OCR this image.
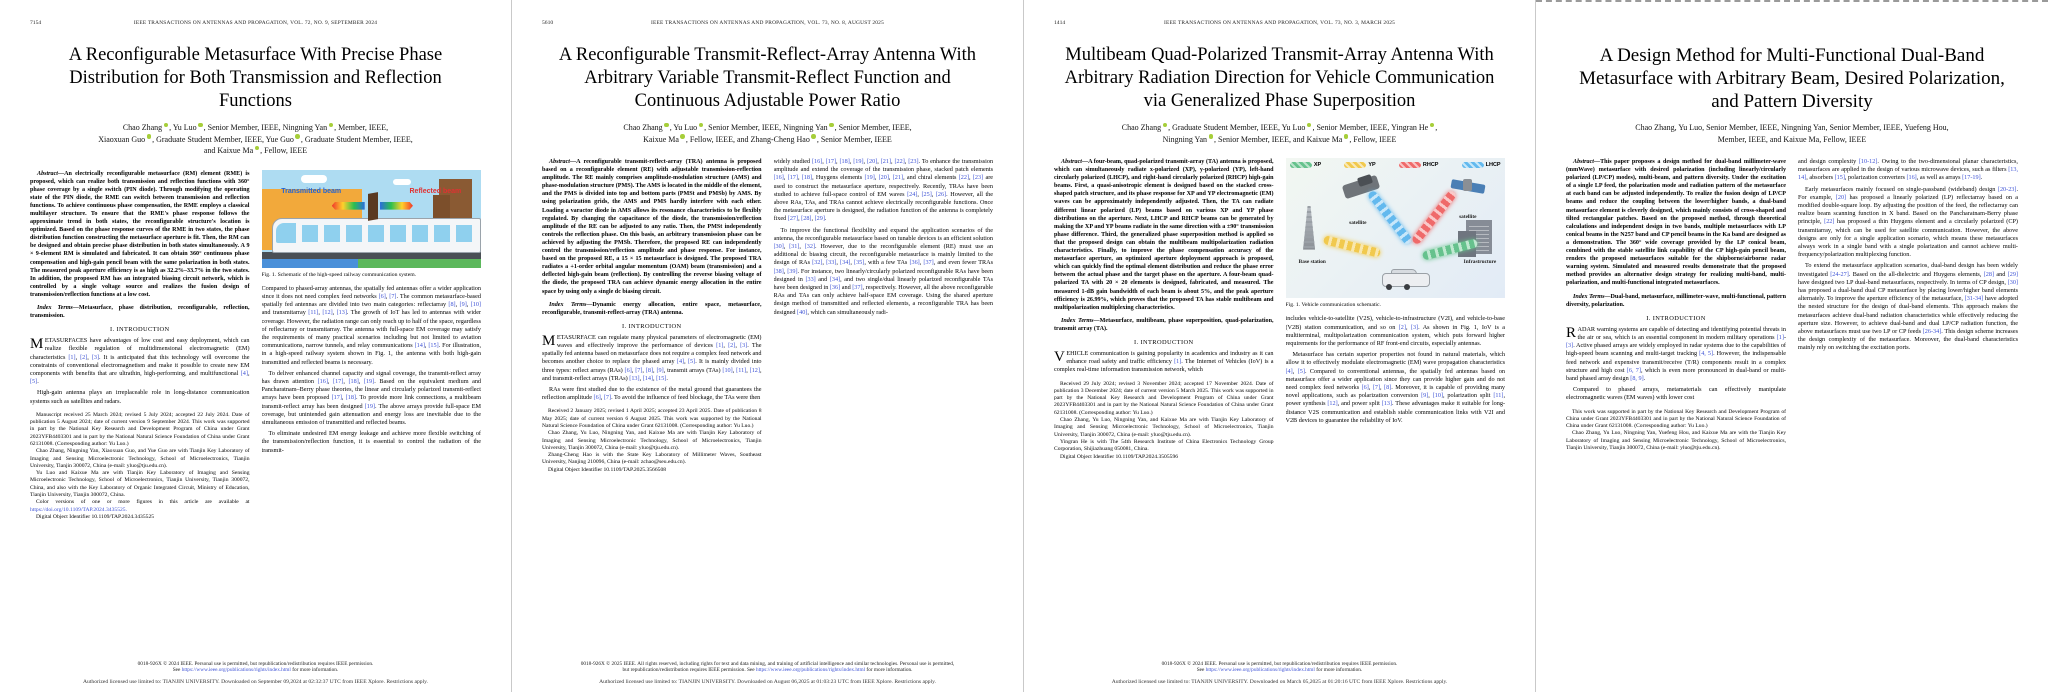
7154	IEEE TRANSACTIONS ON ANTENNAS AND PROPAGATION, VOL. 72, NO. 9, SEPTEMBER 2024
A Reconfigurable Metasurface With Precise Phase Distribution for Both Transmission and Reflection Functions
Chao Zhang , Yu Luo , Senior Member, IEEE, Ningning Yan , Member, IEEE,
Xiaoxuan Guo , Graduate Student Member, IEEE, Yue Guo , Graduate Student Member, IEEE,
and Kaixue Ma , Fellow, IEEE

Abstract—An electrically reconfigurable metasurface (RM) element (RME) is proposed, which can realize both transmission and reflection functions with 360° phase coverage by a single switch (PIN diode). Through modifying the operating state of the PIN diode, the RME can switch between transmission and reflection functions. To achieve continuous phase compensation, the RME employs a classical multilayer structure. To ensure that the RME's phase response follows the approximate trend in both states, the reconfigurable structure's location is optimized. Based on the phase response curves of the RME in two states, the phase distribution function constructing the metasurface aperture is fit. Then, the RM can be designed and obtain precise phase distribution in both states simultaneously. A 9 × 9-element RM is simulated and fabricated. It can obtain 360° continuous phase compensation and high-gain pencil beam with the same polarization in both states. The measured peak aperture efficiency is as high as 32.2%–33.7% in the two states. In addition, the proposed RM has an integrated biasing circuit network, which is controlled by a single voltage source and realizes the fusion design of transmission/reflection functions at a low cost.

Index Terms—Metasurface, phase distribution, reconfigurable, reflection, transmission.

I. INTRODUCTION

METASURFACES have advantages of low cost and easy deployment, which can realize flexible regulation of multidimensional electromagnetic (EM) characteristics [1], [2], [3]. It is anticipated that this technology will overcome the constraints of conventional electromagnetism and make it possible to create new EM components with benefits that are ultrathin, high-performing, and multifunctional [4], [5].

High-gain antenna plays an irreplaceable role in long-distance communication systems such as satellites and radars.

Manuscript received 25 March 2024; revised 5 July 2024; accepted 22 July 2024. Date of publication 5 August 2024; date of current version 9 September 2024. This work was supported in part by the National Key Research and Development Program of China under Grant 2023YFB4403301 and in part by the National Natural Science Foundation of China under Grant 62131008. (Corresponding author: Yu Luo.)

Chao Zhang, Ningning Yan, Xiaoxuan Guo, and Yue Guo are with Tianjin Key Laboratory of Imaging and Sensing Microelectronic Technology, School of Microelectronics, Tianjin University, Tianjin 300072, China (e-mail: yluo@tju.edu.cn).

Yu Luo and Kaixue Ma are with Tianjin Key Laboratory of Imaging and Sensing Microelectronic Technology, School of Microelectronics, Tianjin University, Tianjin 300072, China, and also with the Key Laboratory of Organic Integrated Circuit, Ministry of Education, Tianjin University, Tianjin 300072, China.

Color versions of one or more figures in this article are available at https://doi.org/10.1109/TAP.2024.3435525.

Digital Object Identifier 10.1109/TAP.2024.3435525

Transmitted beam	Reflected beam

Fig. 1. Schematic of the high-speed railway communication system.

Compared to phased-array antennas, the spatially fed antennas offer a wider application since it does not need complex feed networks [6], [7]. The common metasurface-based spatially fed antennas are divided into two main categories: reflectarray [8], [9], [10] and transmitarray [11], [12], [13]. The growth of IoT has led to antennas with wider coverage. However, the radiation range can only reach up to half of the space, regardless of reflectarray or transmitarray. The antenna with full-space EM coverage may satisfy the requirements of many practical scenarios including but not limited to aviation communications, narrow tunnels, and relay communications [14], [15]. For illustration, in a high-speed railway system shown in Fig. 1, the antenna with both high-gain transmitted and reflected beams is necessary.

To deliver enhanced channel capacity and signal coverage, the transmit-reflect array has drawn attention [16], [17], [18], [19]. Based on the equivalent medium and Pancharatnam–Berry phase theories, the linear and circularly polarized transmit-reflect arrays have been proposed [17], [18]. To provide more link connections, a multibeam transmit-reflect array has been designed [19]. The above arrays provide full-space EM coverage, but unintended gain attenuation and energy loss are inevitable due to the simultaneous emission of transmitted and reflected beams.

To eliminate undesired EM energy leakage and achieve more flexible switching of the transmission/reflection function, it is essential to control the radiation of the transmit-

0018-926X © 2024 IEEE. Personal use is permitted, but republication/redistribution requires IEEE permission.
See https://www.ieee.org/publications/rights/index.html for more information.
Authorized licensed use limited to: TIANJIN UNIVERSITY. Downloaded on September 09,2024 at 02:32:37 UTC from IEEE Xplore. Restrictions apply.
5610	IEEE TRANSACTIONS ON ANTENNAS AND PROPAGATION, VOL. 73, NO. 8, AUGUST 2025
A Reconfigurable Transmit-Reflect-Array Antenna With Arbitrary Variable Transmit-Reflect Function and Continuous Adjustable Power Ratio
Chao Zhang , Yu Luo , Senior Member, IEEE, Ningning Yan , Senior Member, IEEE,
Kaixue Ma , Fellow, IEEE, and Zhang-Cheng Hao , Senior Member, IEEE

Abstract—A reconfigurable transmit-reflect-array (TRA) antenna is proposed based on a reconfigurable element (RE) with adjustable transmission-reflection amplitude. The RE mainly comprises amplitude-modulation structure (AMS) and phase-modulation structure (PMS). The AMS is located in the middle of the element, and the PMS is divided into top and bottom parts (PMSt and PMSb) by AMS. By using polarization grids, the AMS and PMS hardly interfere with each other. Loading a varactor diode in AMS allows its resonance characteristics to be flexibly regulated. By changing the capacitance of the diode, the transmission/reflection amplitude of the RE can be adjusted to any ratio. Then, the PMSt independently controls the reflection phase. On this basis, an arbitrary transmission phase can be achieved by adjusting the PMSb. Therefore, the proposed RE can independently control the transmission/reflection amplitude and phase response. For instance, based on the proposed RE, a 15 × 15 metasurface is designed. The proposed TRA radiates a +1-order orbital angular momentum (OAM) beam (transmission) and a deflected high-gain beam (reflection). By controlling the reverse biasing voltage of the diode, the proposed TRA can achieve dynamic energy allocation in the entire space by using only a single dc biasing circuit.

Index Terms—Dynamic energy allocation, entire space, metasurface, reconfigurable, transmit-reflect-array (TRA) antenna.

I. INTRODUCTION

METASURFACE can regulate many physical parameters of electromagnetic (EM) waves and effectively improve the performance of devices [1], [2], [3]. The spatially fed antenna based on metasurface does not require a complex feed network and becomes another choice to replace the phased array [4], [5]. It is mainly divided into three types: reflect arrays (RAs) [6], [7], [8], [9], transmit arrays (TAs) [10], [11], [12], and transmit-reflect arrays (TRAs) [13], [14], [15].

RAs were first studied due to the existence of the metal ground that guarantees the reflection amplitude [6], [7]. To avoid the influence of feed blockage, the TAs were then

Received 2 January 2025; revised 1 April 2025; accepted 23 April 2025. Date of publication 8 May 2025; date of current version 6 August 2025. This work was supported by the National Natural Science Foundation of China under Grant 62131008. (Corresponding author: Yu Luo.)

Chao Zhang, Yu Luo, Ningning Yan, and Kaixue Ma are with Tianjin Key Laboratory of Imaging and Sensing Microelectronic Technology, School of Microelectronics, Tianjin University, Tianjin 300072, China (e-mail: yluo@tju.edu.cn).

Zhang-Cheng Hao is with the State Key Laboratory of Millimeter Waves, Southeast University, Nanjing 210096, China (e-mail: zchao@seu.edu.cn).

Digital Object Identifier 10.1109/TAP.2025.3566508

widely studied [16], [17], [18], [19], [20], [21], [22], [23]. To enhance the transmission amplitude and extend the coverage of the transmission phase, stacked patch elements [16], [17], [18], Huygens elements [19], [20], [21], and chiral elements [22], [23] are used to construct the metasurface aperture, respectively. Recently, TRAs have been studied to achieve full-space control of EM waves [24], [25], [26]. However, all the above RAs, TAs, and TRAs cannot achieve electrically reconfigurable functions. Once the metasurface aperture is designed, the radiation function of the antenna is completely fixed [27], [28], [29].

To improve the functional flexibility and expand the application scenarios of the antenna, the reconfigurable metasurface based on tunable devices is an efficient solution [30], [31], [32]. However, due to the reconfigurable element (RE) must use an additional dc biasing circuit, the reconfigurable metasurface is mainly limited to the design of RAs [32], [33], [34], [35], with a few TAs [36], [37], and even fewer TRAs [38], [39]. For instance, two linearly/circularly polarized reconfigurable RAs have been designed in [33] and [34], and two single/dual linearly polarized reconfigurable TAs have been designed in [36] and [37], respectively. However, all the above reconfigurable RAs and TAs can only achieve half-space EM coverage. Using the shared aperture design method of transmitted and reflected elements, a reconfigurable TRA has been designed [40], which can simultaneously radi-

0018-926X © 2025 IEEE. All rights reserved, including rights for text and data mining, and training of artificial intelligence and similar technologies. Personal use is permitted,
but republication/redistribution requires IEEE permission. See https://www.ieee.org/publications/rights/index.html for more information.
Authorized licensed use limited to: TIANJIN UNIVERSITY. Downloaded on August 06,2025 at 01:03:23 UTC from IEEE Xplore. Restrictions apply.
1414	IEEE TRANSACTIONS ON ANTENNAS AND PROPAGATION, VOL. 73, NO. 3, MARCH 2025
Multibeam Quad-Polarized Transmit-Array Antenna With Arbitrary Radiation Direction for Vehicle Communication via Generalized Phase Superposition
Chao Zhang , Graduate Student Member, IEEE, Yu Luo , Senior Member, IEEE, Yingran He ,
Ningning Yan , Senior Member, IEEE, and Kaixue Ma , Fellow, IEEE

Abstract—A four-beam, quad-polarized transmit-array (TA) antenna is proposed, which can simultaneously radiate x-polarized (XP), y-polarized (YP), left-hand circularly polarized (LHCP), and right-hand circularly polarized (RHCP) high-gain beams. First, a quasi-anisotropic element is designed based on the stacked cross-shaped patch structure, and its phase response for XP and YP electromagnetic (EM) waves can be approximately independently adjusted. Then, the TA can radiate different linear polarized (LP) beams based on various XP and YP phase distributions on the aperture. Next, LHCP and RHCP beams can be generated by making the XP and YP beams radiate in the same direction with a ±90° transmission phase difference. Third, the generalized phase superposition method is applied so that the proposed design can obtain the multibeam multipolarization radiation characteristics. Finally, to improve the phase compensation accuracy of the metasurface aperture, an optimized aperture deployment approach is proposed, which can quickly find the optimal element distribution and reduce the phase error between the actual phase and the target phase on the aperture. A four-beam quad-polarized TA with 20 × 20 elements is designed, fabricated, and measured. The measured 1-dB gain bandwidth of each beam is about 5%, and the peak aperture efficiency is 26.99%, which proves that the proposed TA has stable multibeam and multipolarization multiplexing characteristics.

Index Terms—Metasurface, multibeam, phase superposition, quad-polarization, transmit array (TA).

I. INTRODUCTION

VEHICLE communication is gaining popularity in academics and industry as it can enhance road safety and traffic efficiency [1]. The Internet of Vehicles (IoV) is a complex real-time information transmission network, which

Received 29 July 2024; revised 3 November 2024; accepted 17 November 2024. Date of publication 3 December 2024; date of current version 5 March 2025. This work was supported in part by the National Key Research and Development Program of China under Grant 2023YFB4403301 and in part by the National Natural Science Foundation of China under Grant 62131008. (Corresponding author: Yu Luo.)

Chao Zhang, Yu Luo, Ningning Yan, and Kaixue Ma are with Tianjin Key Laboratory of Imaging and Sensing Microelectronic Technology, School of Microelectronics, Tianjin University, Tianjin 300072, China (e-mail: yluo@tju.edu.cn).

Yingran He is with The 54th Research Institute of China Electronics Technology Group Corporation, Shijiazhuang 050081, China.

Digital Object Identifier 10.1109/TAP.2024.3505596

XP	YP	RHCP	LHCP
satellite
satellite
Base station	Infrastructure

Fig. 1. Vehicle communication schematic.

includes vehicle-to-satellite (V2S), vehicle-to-infrastructure (V2I), and vehicle-to-base (V2B) station communication, and so on [2], [3]. As shown in Fig. 1, IoV is a multiterminal, multipolarization communication system, which puts forward higher requirements for the performance of RF front-end circuits, especially antennas.

Metasurface has certain superior properties not found in natural materials, which allow it to effectively modulate electromagnetic (EM) wave propagation characteristics [4], [5]. Compared to conventional antennas, the spatially fed antennas based on metasurface offer a wider application since they can provide higher gain and do not need complex feed networks [6], [7], [8]. Moreover, it is capable of providing many novel applications, such as polarization conversion [9], [10], polarization split [11], power synthesis [12], and power split [13]. These advantages make it suitable for long-distance V2S communication and establish stable communication links with V2I and V2B devices to guarantee the reliability of IoV.

0018-926X © 2024 IEEE. Personal use is permitted, but republication/redistribution requires IEEE permission.
See https://www.ieee.org/publications/rights/index.html for more information.
Authorized licensed use limited to: TIANJIN UNIVERSITY. Downloaded on March 05,2025 at 01:20:16 UTC from IEEE Xplore. Restrictions apply.
A Design Method for Multi-Functional Dual-Band Metasurface with Arbitrary Beam, Desired Polarization, and Pattern Diversity
Chao Zhang, Yu Luo, Senior Member, IEEE, Ningning Yan, Senior Member, IEEE, Yuefeng Hou,
Member, IEEE, and Kaixue Ma, Fellow, IEEE

Abstract—This paper proposes a design method for dual-band millimeter-wave (mmWave) metasurface with desired polarization (including linearly/circularly polarized (LP/CP) modes), multi-beam, and pattern diversity. Under the excitation of a single LP feed, the polarization mode and radiation pattern of the metasurface at each band can be adjusted independently. To realize the fusion design of LP/CP beams and reduce the coupling between the lower/higher bands, a dual-band metasurface element is cleverly designed, which mainly consists of cross-shaped and tilted rectangular patches. Based on the proposed method, through theoretical calculations and independent design in two bands, multiple metasurfaces with LP conical beams in the N257 band and CP pencil beams in the Ka band are designed as a demonstration. The 360° wide coverage provided by the LP conical beam, combined with the stable satellite link capability of the CP high-gain pencil beam, renders the proposed metasurfaces suitable for the shipborne/airborne radar warning system. Simulated and measured results demonstrate that the proposed method provides an alternative design strategy for realizing multi-band, multi-polarization, and multi-functional integrated metasurfaces.

Index Terms—Dual-band, metasurface, millimeter-wave, multi-functional, pattern diversity, polarization.

I. INTRODUCTION

RADAR warning systems are capable of detecting and identifying potential threats in the air or sea, which is an essential component in modern military operations [1]-[3]. Active phased arrays are widely employed in radar systems due to the capabilities of high-speed beam scanning and multi-target tracking [4, 5]. However, the indispensable feed network and expensive transmit/receive (T/R) components result in a complex structure and high cost [6, 7], which is even more pronounced in dual-band or multi-band phased array design [8, 9].

Compared to phased arrays, metamaterials can effectively manipulate electromagnetic waves (EM waves) with lower cost

This work was supported in part by the National Key Research and Development Program of China under Grant 2023YFB4403301 and in part by the National Natural Science Foundation of China under Grant 62131008. (Corresponding author: Yu Luo.)

Chao Zhang, Yu Luo, Ningning Yan, Yuefeng Hou, and Kaixue Ma are with the Tianjin Key Laboratory of Imaging and Sensing Microelectronic Technology, School of Microelectronics, Tianjin University, Tianjin 300072, China (e-mail: yluo@tju.edu.cn).

and design complexity [10-12]. Owing to the two-dimensional planar characteristics, metasurfaces are applied in the design of various microwave devices, such as filters [13, 14], absorbers [15], polarization converters [16], as well as arrays [17-19].

Early metasurfaces mainly focused on single-passband (wideband) design [20-23]. For example, [20] has proposed a linearly polarized (LP) reflectarray based on a modified double-square loop. By adjusting the position of the feed, the reflectarray can realize beam scanning function in X band. Based on the Pancharatnam-Berry phase principle, [22] has proposed a thin Huygens element and a circularly polarized (CP) transmitarray, which can be used for satellite communication. However, the above designs are only for a single application scenario, which means these metasurfaces always work in a single band with a single polarization and cannot achieve multi-frequency/polarization multiplexing function.

To extend the metasurface application scenarios, dual-band design has been widely investigated [24-27]. Based on the all-dielectric and Huygens elements, [28] and [29] have designed two LP dual-band metasurfaces, respectively. In terms of CP design, [30] has proposed a dual-band dual CP metasurface by placing lower/higher band elements alternately. To improve the aperture efficiency of the metasurface, [31-34] have adopted the nested structure for the design of dual-band elements. This approach makes the metasurfaces achieve dual-band radiation characteristics while effectively reducing the aperture size. However, to achieve dual-band and dual LP/CP radiation function, the above metasurfaces must use two LP or CP feeds [26-34]. This design scheme increases the design complexity of the metasurface. Moreover, the dual-band characteristics mainly rely on switching the excitation ports.
